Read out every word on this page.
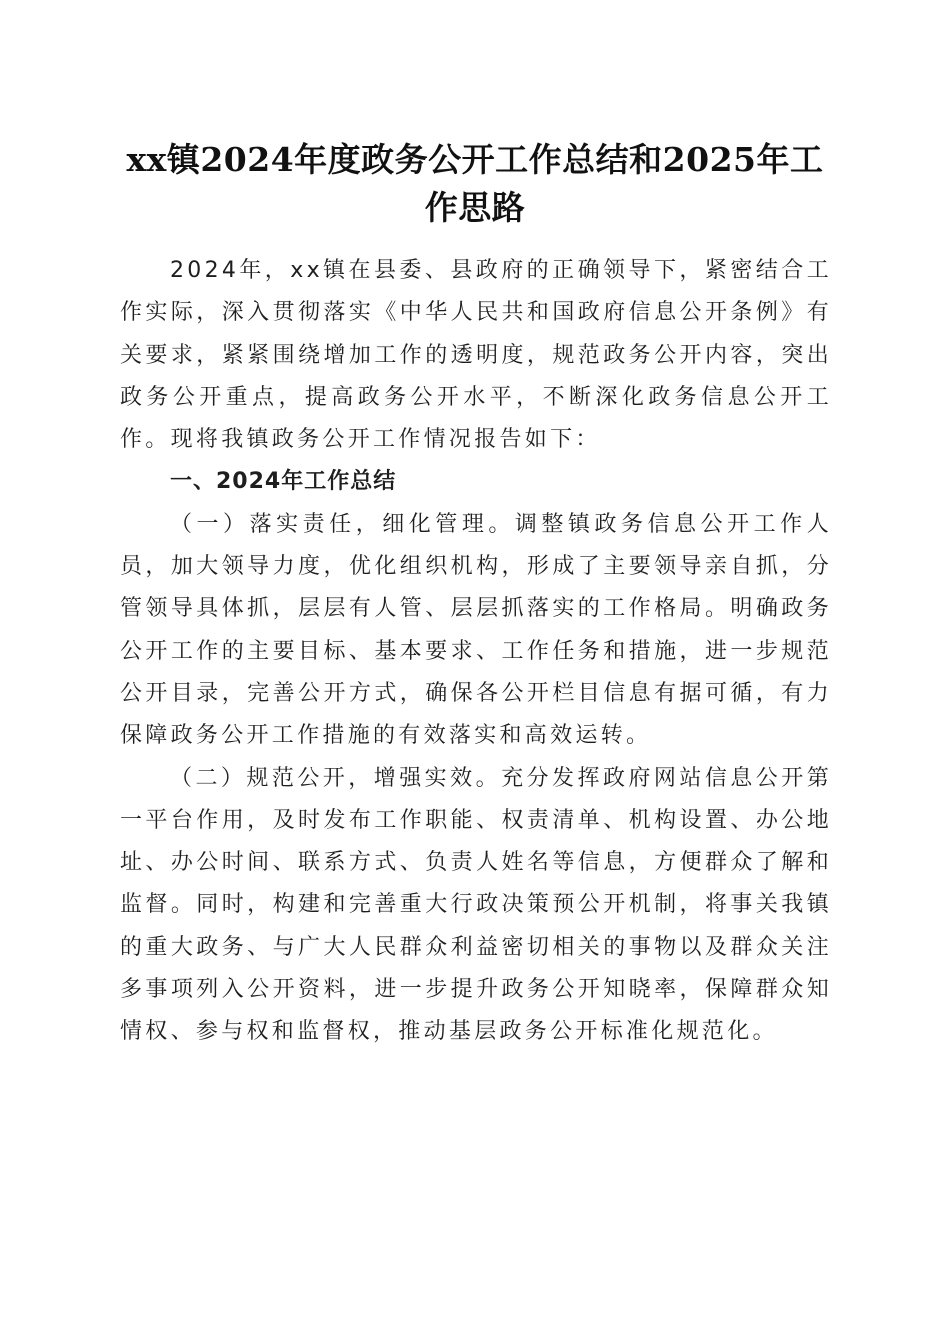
xx镇2024年度政务公开工作总结和2025年工作思路

2024年，xx镇在县委、县政府的正确领导下，紧密结合工作实际，深入贯彻落实《中华人民共和国政府信息公开条例》有关要求，紧紧围绕增加工作的透明度，规范政务公开内容，突出政务公开重点，提高政务公开水平，不断深化政务信息公开工作。现将我镇政务公开工作情况报告如下：

一、2024年工作总结

（一）落实责任，细化管理。调整镇政务信息公开工作人员，加大领导力度，优化组织机构，形成了主要领导亲自抓，分管领导具体抓，层层有人管、层层抓落实的工作格局。明确政务公开工作的主要目标、基本要求、工作任务和措施，进一步规范公开目录，完善公开方式，确保各公开栏目信息有据可循，有力保障政务公开工作措施的有效落实和高效运转。

（二）规范公开，增强实效。充分发挥政府网站信息公开第一平台作用，及时发布工作职能、权责清单、机构设置、办公地址、办公时间、联系方式、负责人姓名等信息，方便群众了解和监督。同时，构建和完善重大行政决策预公开机制，将事关我镇的重大政务、与广大人民群众利益密切相关的事物以及群众关注多事项列入公开资料，进一步提升政务公开知晓率，保障群众知情权、参与权和监督权，推动基层政务公开标准化规范化。
